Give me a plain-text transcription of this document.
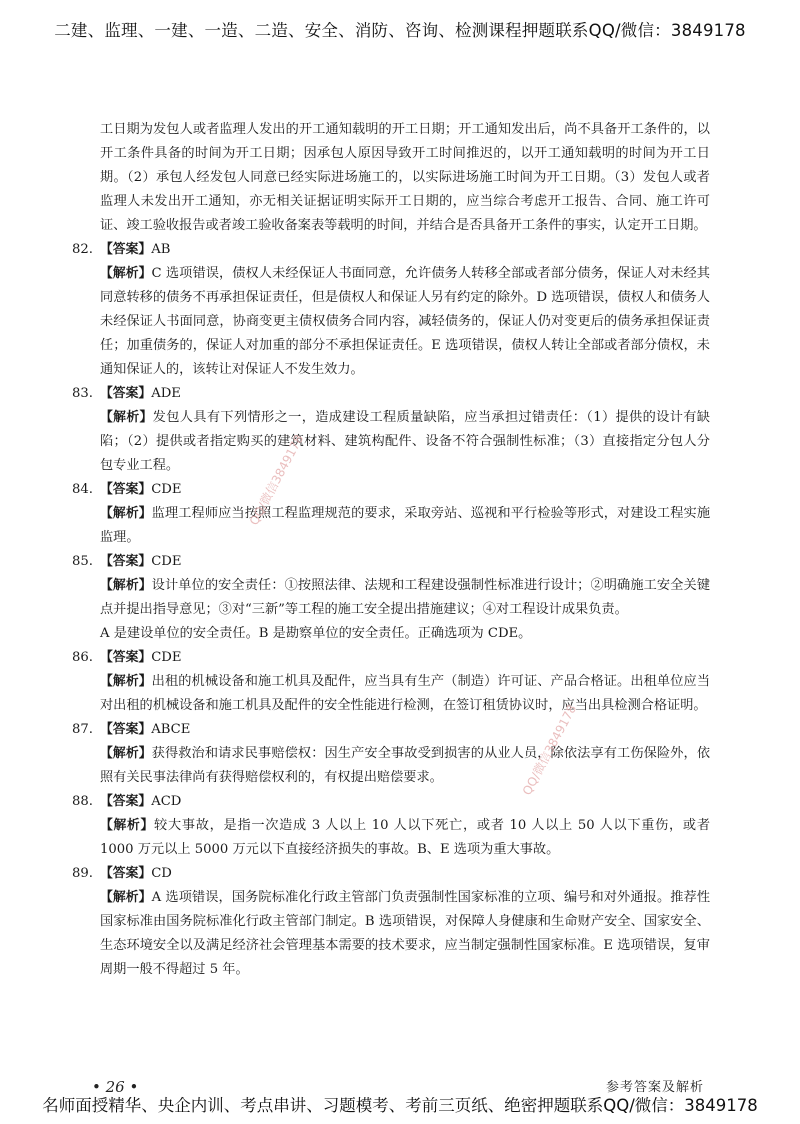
二建、监理、一建、一造、二造、安全、消防、咨询、检测课程押题联系QQ/微信：3849178

工日期为发包人或者监理人发出的开工通知载明的开工日期；开工通知发出后，尚不具备开工条件的，以开工条件具备的时间为开工日期；因承包人原因导致开工时间推迟的，以开工通知载明的时间为开工日期。（2）承包人经发包人同意已经实际进场施工的，以实际进场施工时间为开工日期。（3）发包人或者监理人未发出开工通知，亦无相关证据证明实际开工日期的，应当综合考虑开工报告、合同、施工许可证、竣工验收报告或者竣工验收备案表等载明的时间，并结合是否具备开工条件的事实，认定开工日期。

82. 【答案】AB

【解析】C 选项错误，债权人未经保证人书面同意，允许债务人转移全部或者部分债务，保证人对未经其同意转移的债务不再承担保证责任，但是债权人和保证人另有约定的除外。D 选项错误，债权人和债务人未经保证人书面同意，协商变更主债权债务合同内容，减轻债务的，保证人仍对变更后的债务承担保证责任；加重债务的，保证人对加重的部分不承担保证责任。E 选项错误，债权人转让全部或者部分债权，未通知保证人的，该转让对保证人不发生效力。

83. 【答案】ADE

【解析】发包人具有下列情形之一，造成建设工程质量缺陷，应当承担过错责任：（1）提供的设计有缺陷；（2）提供或者指定购买的建筑材料、建筑构配件、设备不符合强制性标准；（3）直接指定分包人分包专业工程。

84. 【答案】CDE

【解析】监理工程师应当按照工程监理规范的要求，采取旁站、巡视和平行检验等形式，对建设工程实施监理。

85. 【答案】CDE

【解析】设计单位的安全责任：①按照法律、法规和工程建设强制性标准进行设计；②明确施工安全关键点并提出指导意见；③对“三新”等工程的施工安全提出措施建议；④对工程设计成果负责。

A 是建设单位的安全责任。B 是勘察单位的安全责任。正确选项为 CDE。

86. 【答案】CDE

【解析】出租的机械设备和施工机具及配件，应当具有生产（制造）许可证、产品合格证。出租单位应当对出租的机械设备和施工机具及配件的安全性能进行检测，在签订租赁协议时，应当出具检测合格证明。

87. 【答案】ABCE

【解析】获得救治和请求民事赔偿权：因生产安全事故受到损害的从业人员，除依法享有工伤保险外，依照有关民事法律尚有获得赔偿权利的，有权提出赔偿要求。

88. 【答案】ACD

【解析】较大事故，是指一次造成 3 人以上 10 人以下死亡，或者 10 人以上 50 人以下重伤，或者 1000 万元以上 5000 万元以下直接经济损失的事故。B、E 选项为重大事故。

89. 【答案】CD

【解析】A 选项错误，国务院标准化行政主管部门负责强制性国家标准的立项、编号和对外通报。推荐性国家标准由国务院标准化行政主管部门制定。B 选项错误，对保障人身健康和生命财产安全、国家安全、生态环境安全以及满足经济社会管理基本需要的技术要求，应当制定强制性国家标准。E 选项错误，复审周期一般不得超过 5 年。

QQ/微信3849178
QQ/微信3849178
• 26 •	参考答案及解析
名师面授精华、央企内训、考点串讲、习题模考、考前三页纸、绝密押题联系QQ/微信：3849178
